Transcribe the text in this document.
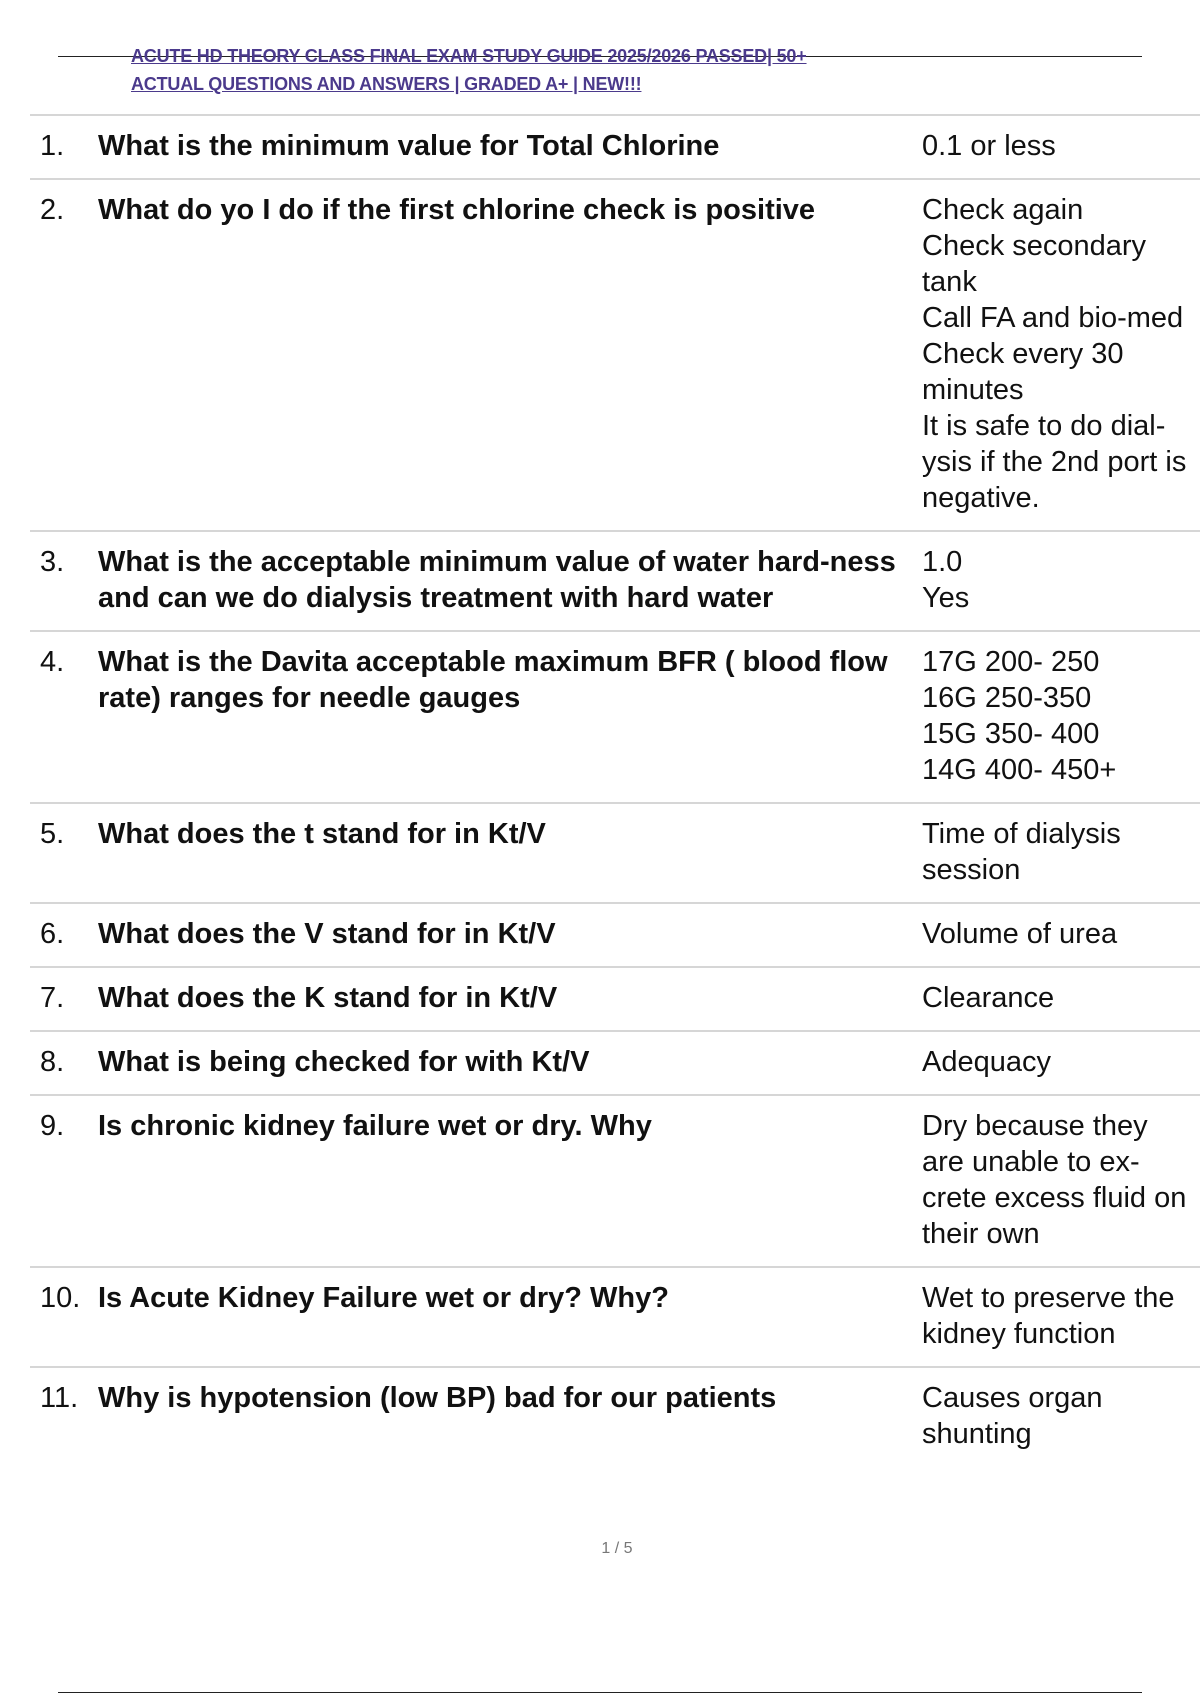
ACUTE HD THEORY CLASS FINAL EXAM STUDY GUIDE 2025/2026 PASSED| 50+ ACTUAL QUESTIONS AND ANSWERS | GRADED A+ | NEW!!!
1.	What is the minimum value for Total Chlorine	0.1 or less
2.	What do yo I do if the first chlorine check is positive	Check again
Check secondary tank
Call FA and bio-med
Check every 30 minutes
It is safe to do dial-ysis if the 2nd port is negative.
3.	What is the acceptable minimum value of water hard-ness and can we do dialysis treatment with hard water
1.0
Yes
4.	What is the Davita acceptable maximum BFR ( blood flow rate) ranges for needle gauges
17G 200- 250
16G 250-350
15G 350- 400
14G 400- 450+
5.	What does the t stand for in Kt/V	Time of dialysis session
6.	What does the V stand for in Kt/V	Volume of urea
7.	What does the K stand for in Kt/V	Clearance
8.	What is being checked for with Kt/V	Adequacy
9.	Is chronic kidney failure wet or dry. Why	Dry because they are unable to ex-crete excess fluid on their own
10. Is Acute Kidney Failure wet or dry? Why?	Wet to preserve the kidney function
11. Why is hypotension (low BP) bad for our patients	Causes organ shunting
1 / 5
